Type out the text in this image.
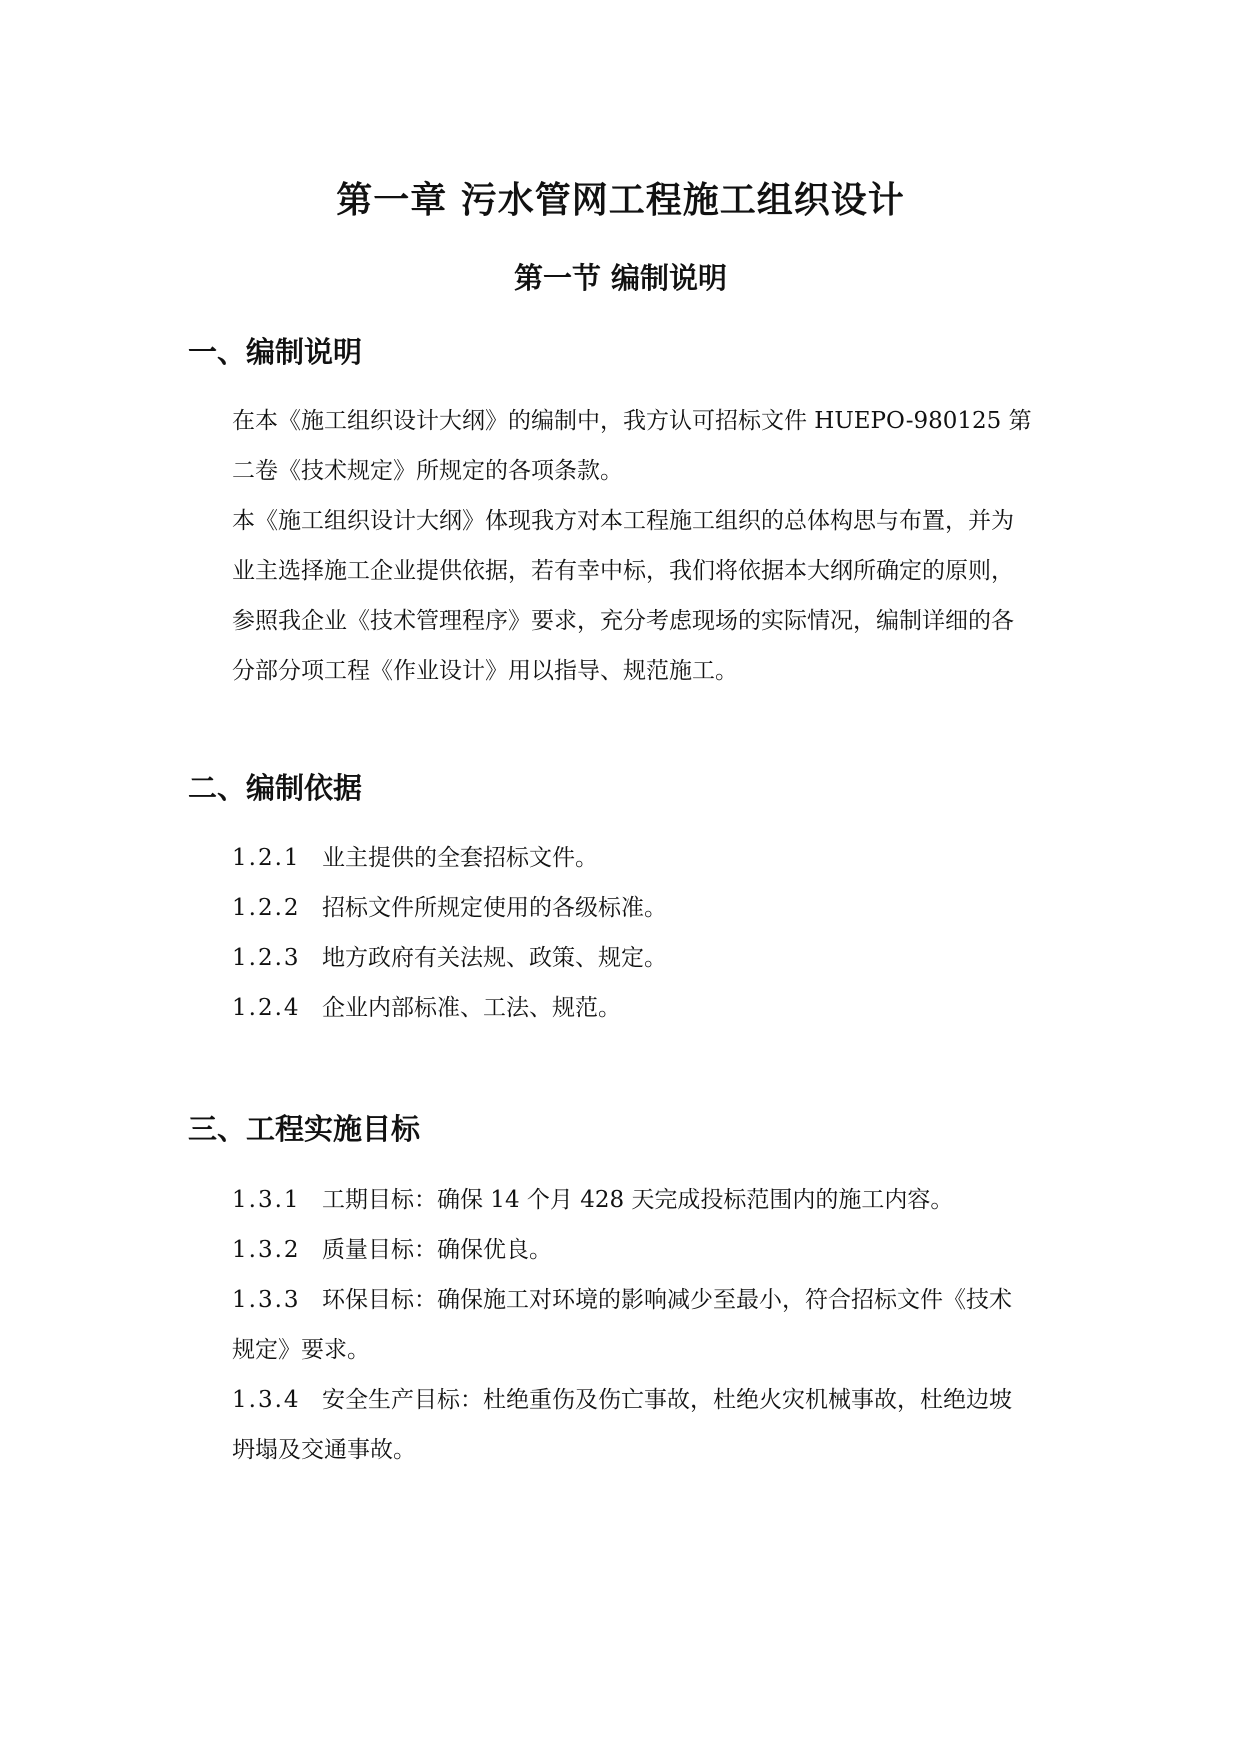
第一章 污水管网工程施工组织设计
第一节 编制说明
一、编制说明

在本《施工组织设计大纲》的编制中，我方认可招标文件 HUEPO-980125 第二卷《技术规定》所规定的各项条款。

本《施工组织设计大纲》体现我方对本工程施工组织的总体构思与布置，并为业主选择施工企业提供依据，若有幸中标，我们将依据本大纲所确定的原则，参照我企业《技术管理程序》要求，充分考虑现场的实际情况，编制详细的各分部分项工程《作业设计》用以指导、规范施工。

二、编制依据
1.2.1 业主提供的全套招标文件。
1.2.2 招标文件所规定使用的各级标准。
1.2.3 地方政府有关法规、政策、规定。
1.2.4 企业内部标准、工法、规范。
三、工程实施目标
1.3.1 工期目标：确保 14 个月 428 天完成投标范围内的施工内容。
1.3.2 质量目标：确保优良。
1.3.3 环保目标：确保施工对环境的影响减少至最小，符合招标文件《技术规定》要求。
1.3.4 安全生产目标：杜绝重伤及伤亡事故，杜绝火灾机械事故，杜绝边坡坍塌及交通事故。
